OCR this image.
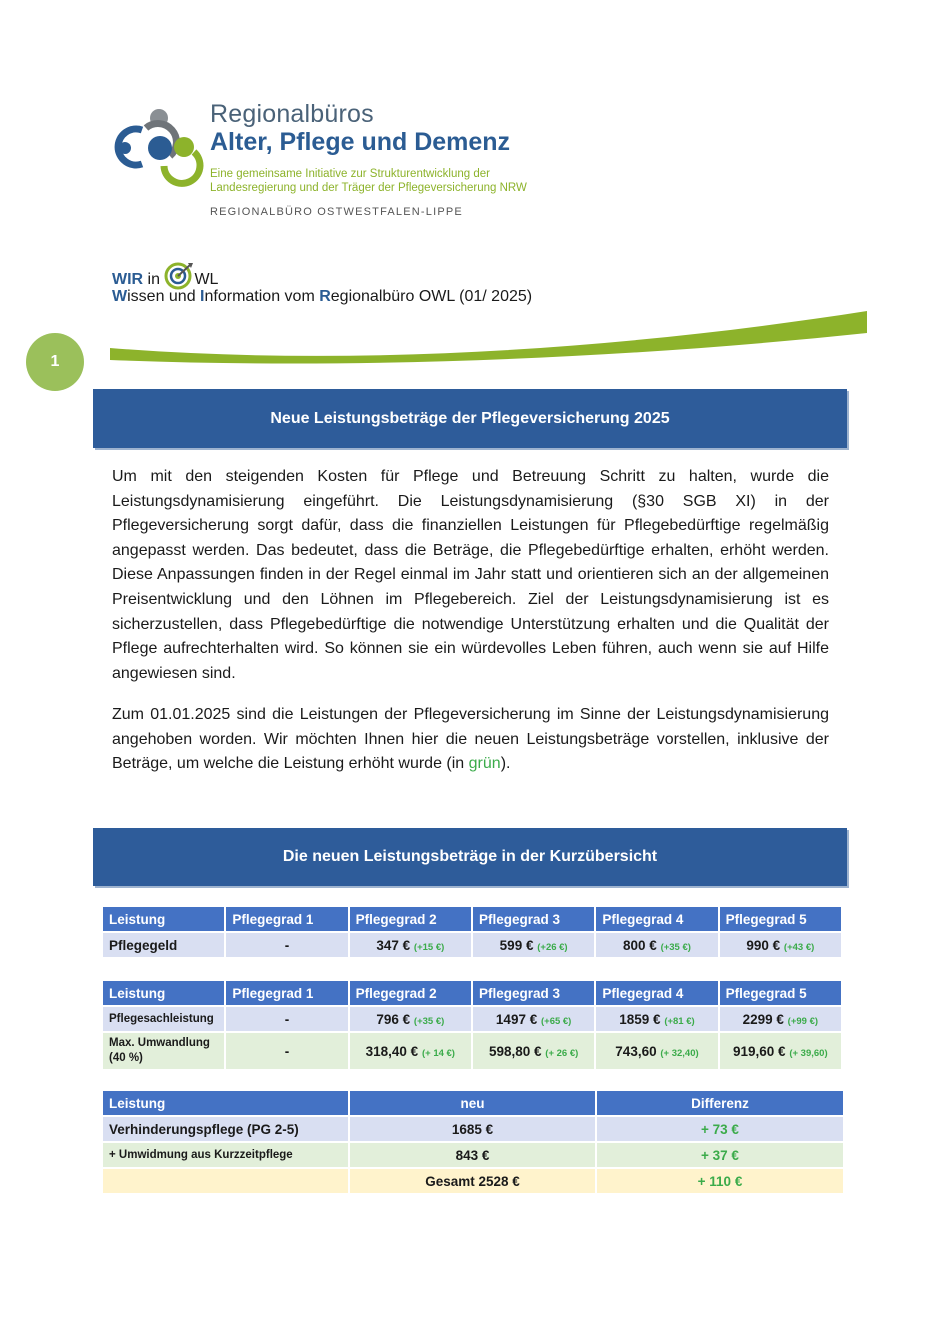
Regionalbüros
Alter, Pflege und Demenz
Eine gemeinsame Initiative zur Strukturentwicklung der
Landesregierung und der Träger der Pflegeversicherung NRW
REGIONALBÜRO OSTWESTFALEN-LIPPE
WIR in WL
Wissen und Information vom Regionalbüro OWL (01/ 2025)
1
Neue Leistungsbeträge der Pflegeversicherung 2025
Um mit den steigenden Kosten für Pflege und Betreuung Schritt zu halten, wurde die Leistungsdynamisierung eingeführt. Die Leistungsdynamisierung (§30 SGB XI) in der Pflegeversicherung sorgt dafür, dass die finanziellen Leistungen für Pflegebedürftige regelmäßig angepasst werden. Das bedeutet, dass die Beträge, die Pflegebedürftige erhalten, erhöht werden. Diese Anpassungen finden in der Regel einmal im Jahr statt und orientieren sich an der allgemeinen Preisentwicklung und den Löhnen im Pflegebereich. Ziel der Leistungsdynamisierung ist es sicherzustellen, dass Pflegebedürftige die notwendige Unterstützung erhalten und die Qualität der Pflege aufrechterhalten wird. So können sie ein würdevolles Leben führen, auch wenn sie auf Hilfe angewiesen sind.
Zum 01.01.2025 sind die Leistungen der Pflegeversicherung im Sinne der Leistungsdynamisierung angehoben worden. Wir möchten Ihnen hier die neuen Leistungsbeträge vorstellen, inklusive der Beträge, um welche die Leistung erhöht wurde (in grün).
Die neuen Leistungsbeträge in der Kurzübersicht
Leistung	Pflegegrad 1	Pflegegrad 2	Pflegegrad 3	Pflegegrad 4	Pflegegrad 5
Pflegegeld	-	347 € (+15 €)	599 € (+26 €)	800 € (+35 €)	990 € (+43 €)
Leistung	Pflegegrad 1	Pflegegrad 2	Pflegegrad 3	Pflegegrad 4	Pflegegrad 5
Pflegesachleistung	-	796 € (+35 €)	1497 € (+65 €)	1859 € (+81 €)	2299 € (+99 €)

Max. Umwandlung
(40 %)	-	318,40 € (+ 14 €)	598,80 € (+ 26 €)	743,60 (+ 32,40)	919,60 € (+ 39,60)
Leistung	neu	Differenz
Verhinderungspflege (PG 2-5)	1685 €	+ 73 €
+ Umwidmung aus Kurzzeitpflege	843 €	+ 37 €
	Gesamt 2528 €	+ 110 €
